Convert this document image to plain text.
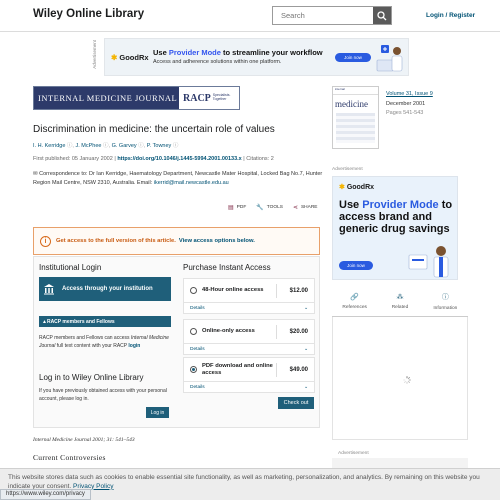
Wiley Online Library
Search	Login / Register
Advertisement ✱ GoodRx
Use Provider Mode to streamline your workflow
Access and adherence solutions within one platform.
Join now
INTERNAL MEDICINE JOURNAL RACP Specialists.
Together
Discrimination in medicine: the uncertain role of values
I. H. Kerridge ⓘ, J. McPhee ⓘ, G. Garvey ⓘ, P. Towney ⓘ
First published: 05 January 2002 | https://doi.org/10.1046/j.1445-5994.2001.00133.x | Citations: 2
✉ Correspondence to: Dr Ian Kerridge, Haematology Department, Newcastle Mater Hospital, Locked Bag No.7, Hunter Region Mail Centre, NSW 2310, Australia. Email: ikerrid@mail.newcastle.edu.au
▤ PDF 🔧 TOOLS ⋖ SHARE
i	Get access to the full version of this article. View access options below.
Institutional Login
Access through your institution
▲ RACP members and Fellows
RACP members and Fellows can access Internal Medicine Journal full text content with your RACP login
Log in to Wiley Online Library
If you have previously obtained access with your personal account, please log in.
Log in
Purchase Instant Access
48-Hour online access	$12.00
Details	⌄
Online-only access	$20.00
Details	⌄
PDF download and online access	$49.00
Details	⌄
Check out
Internal Medicine Journal 2001; 31: 541–543
Current Controversies
internal
medicine
Volume 31, Issue 9
December 2001
Pages 541-543
Advertisement
✱ GoodRx
Use Provider Mode to access brand and generic drug savings
Join now
🔗
References
⁂
Related
ⓘ
Information
Advertisement
This website stores data such as cookies to enable essential site functionality, as well as marketing, personalization, and analytics. By remaining on this website you indicate your consent. Privacy Policy
https://www.wiley.com/privacy
